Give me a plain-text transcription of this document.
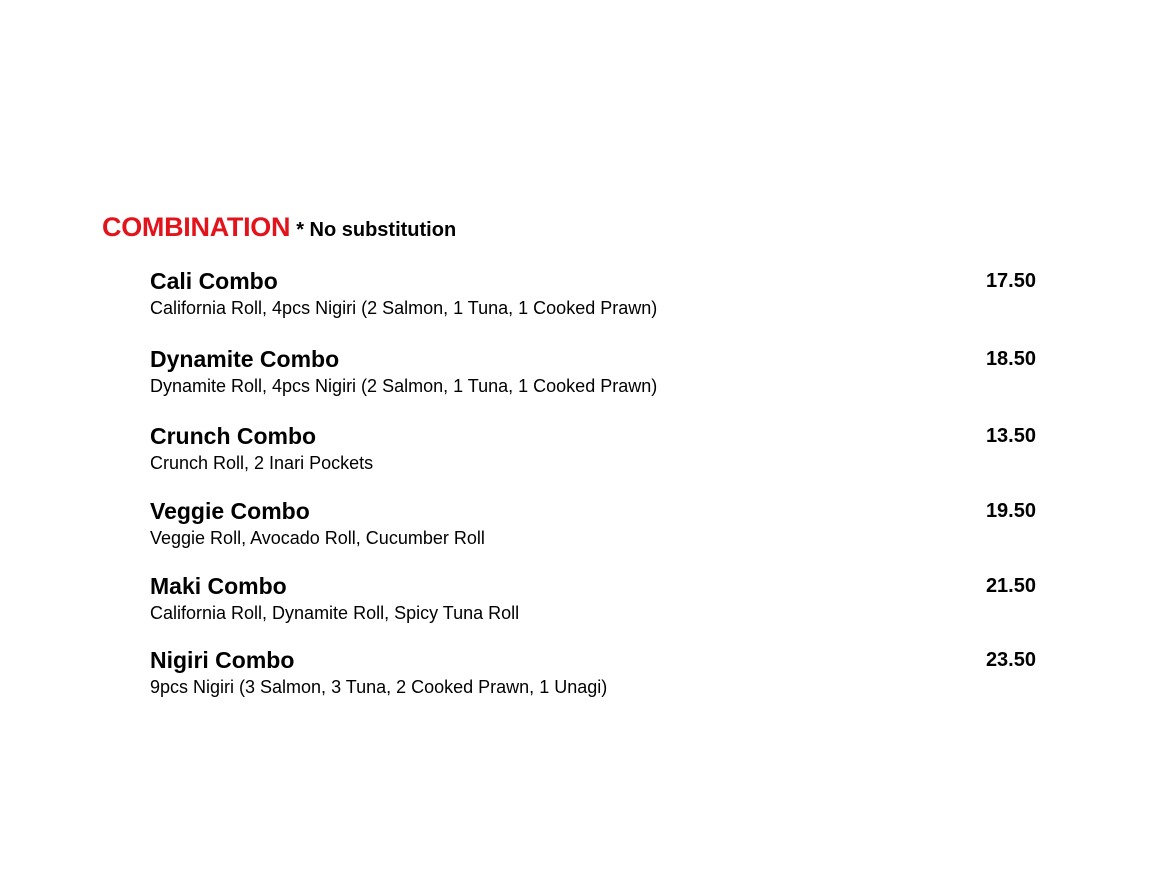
COMBINATION * No substitution
Cali Combo	17.50
California Roll, 4pcs Nigiri (2 Salmon, 1 Tuna, 1 Cooked Prawn)
Dynamite Combo	18.50
Dynamite Roll, 4pcs Nigiri (2 Salmon, 1 Tuna, 1 Cooked Prawn)
Crunch Combo	13.50
Crunch Roll, 2 Inari Pockets
Veggie Combo	19.50
Veggie Roll, Avocado Roll, Cucumber Roll
Maki Combo	21.50
California Roll, Dynamite Roll, Spicy Tuna Roll
Nigiri Combo	23.50
9pcs Nigiri (3 Salmon, 3 Tuna, 2 Cooked Prawn, 1 Unagi)
